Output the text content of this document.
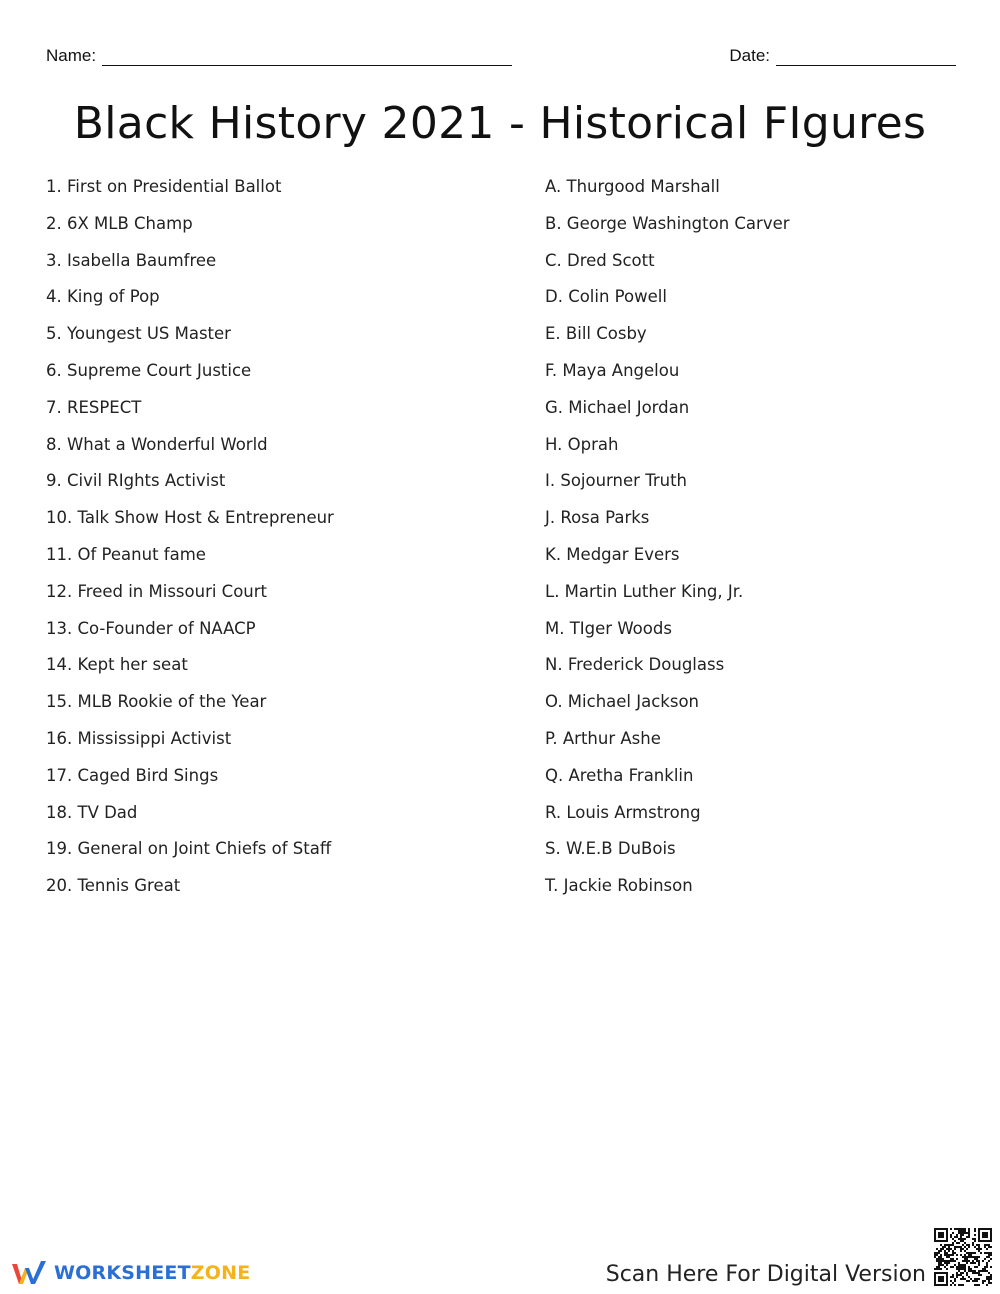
Name:	Date:
Black History 2021 - Historical FIgures
1. First on Presidential Ballot
2. 6X MLB Champ
3. Isabella Baumfree
4. King of Pop
5. Youngest US Master
6. Supreme Court Justice
7. RESPECT
8. What a Wonderful World
9. Civil RIghts Activist
10. Talk Show Host & Entrepreneur
11. Of Peanut fame
12. Freed in Missouri Court
13. Co-Founder of NAACP
14. Kept her seat
15. MLB Rookie of the Year
16. Mississippi Activist
17. Caged Bird Sings
18. TV Dad
19. General on Joint Chiefs of Staff
20. Tennis Great
A. Thurgood Marshall
B. George Washington Carver
C. Dred Scott
D. Colin Powell
E. Bill Cosby
F. Maya Angelou
G. Michael Jordan
H. Oprah
I. Sojourner Truth
J. Rosa Parks
K. Medgar Evers
L. Martin Luther King, Jr.
M. TIger Woods
N. Frederick Douglass
O. Michael Jackson
P. Arthur Ashe
Q. Aretha Franklin
R. Louis Armstrong
S. W.E.B DuBois
T. Jackie Robinson
WORKSHEETZONE	Scan Here For Digital Version
